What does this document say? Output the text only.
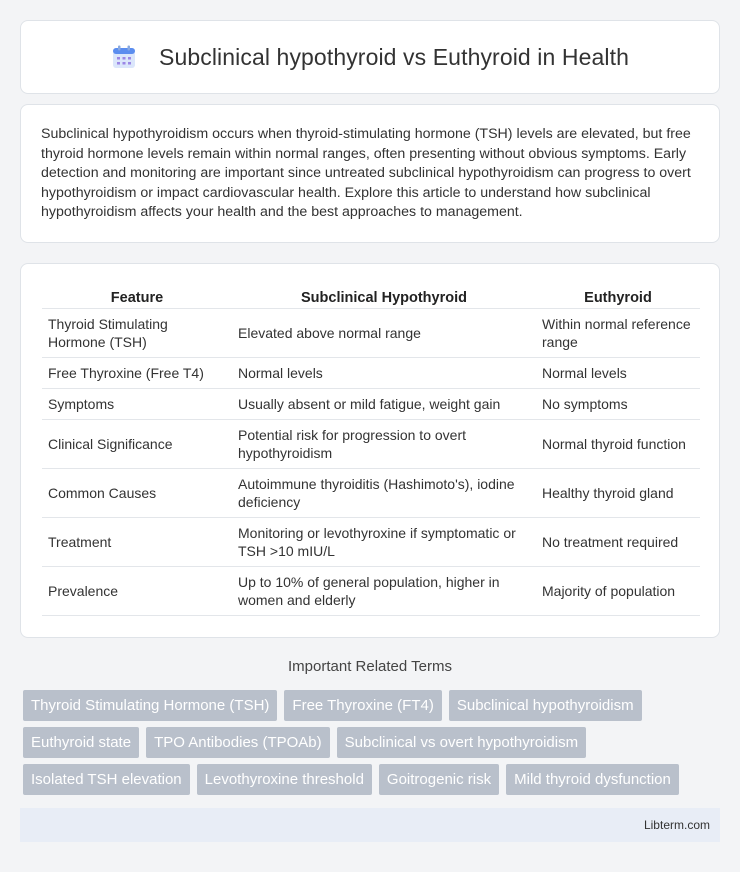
Subclinical hypothyroid vs Euthyroid in Health

Subclinical hypothyroidism occurs when thyroid-stimulating hormone (TSH) levels are elevated, but free thyroid hormone levels remain within normal ranges, often presenting without obvious symptoms. Early detection and monitoring are important since untreated subclinical hypothyroidism can progress to overt hypothyroidism or impact cardiovascular health. Explore this article to understand how subclinical hypothyroidism affects your health and the best approaches to management.

Feature	Subclinical Hypothyroid	Euthyroid
Thyroid Stimulating Hormone (TSH)	Elevated above normal range	Within normal reference range
Free Thyroxine (Free T4)	Normal levels	Normal levels
Symptoms	Usually absent or mild fatigue, weight gain	No symptoms
Clinical Significance	Potential risk for progression to overt hypothyroidism	Normal thyroid function
Common Causes	Autoimmune thyroiditis (Hashimoto's), iodine deficiency	Healthy thyroid gland
Treatment	Monitoring or levothyroxine if symptomatic or TSH >10 mIU/L	No treatment required
Prevalence	Up to 10% of general population, higher in women and elderly	Majority of population
Important Related Terms
Thyroid Stimulating Hormone (TSH)	Free Thyroxine (FT4)	Subclinical hypothyroidism
Euthyroid state	TPO Antibodies (TPOAb)	Subclinical vs overt hypothyroidism
Isolated TSH elevation	Levothyroxine threshold	Goitrogenic risk	Mild thyroid dysfunction
Libterm.com
